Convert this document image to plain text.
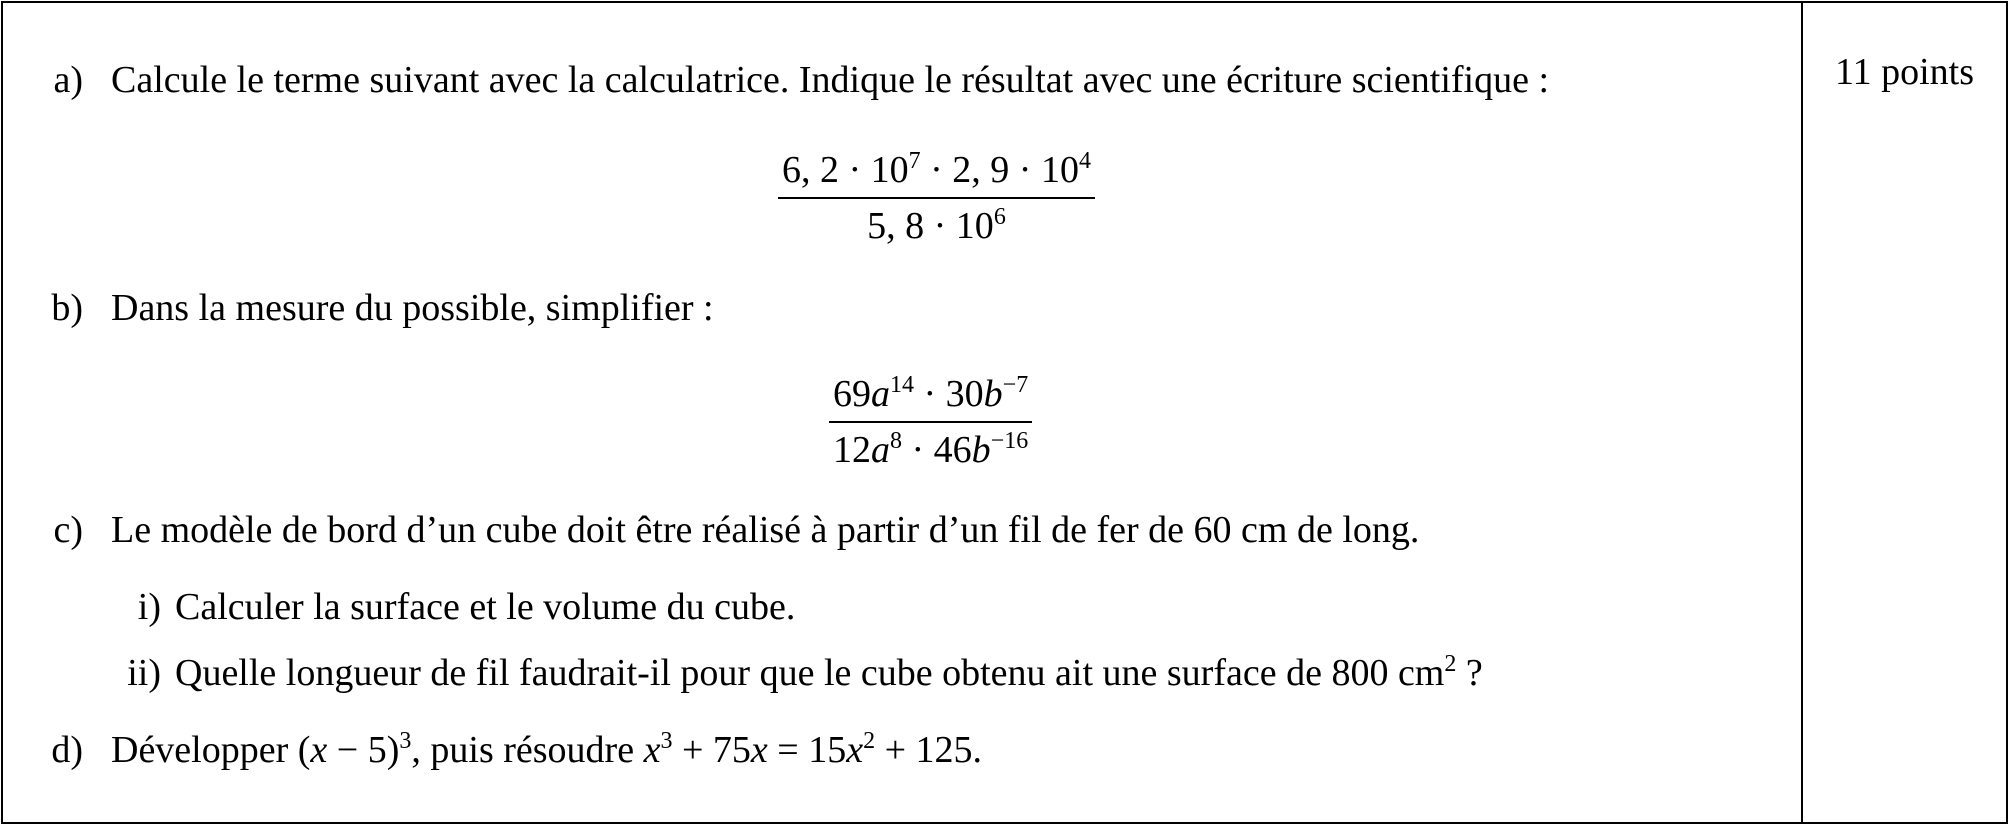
11 points
a) Calcule le terme suivant avec la calculatrice. Indique le résultat avec une écriture scientifique :
6, $2 \cdot 10^7 \cdot 2$, $9 \cdot 10^4$
5, $8 \cdot 10^6$
b) Dans la mesure du possible, simplifier :
$69a^{14} \cdot 30b^{-7}$
$12a^8 \cdot 46b^{-16}$
c) Le modèle de bord d’un cube doit être réalisé à partir d’un fil de fer de 60 cm de long.
i) Calculer la surface et le volume du cube.
ii) Quelle longueur de fil faudrait-il pour que le cube obtenu ait une surface de 800 $cm^2$ ?
d) Développer $(x - 5)^3$, puis résoudre $x^3 + 75x = 15x^2 + 125$.
